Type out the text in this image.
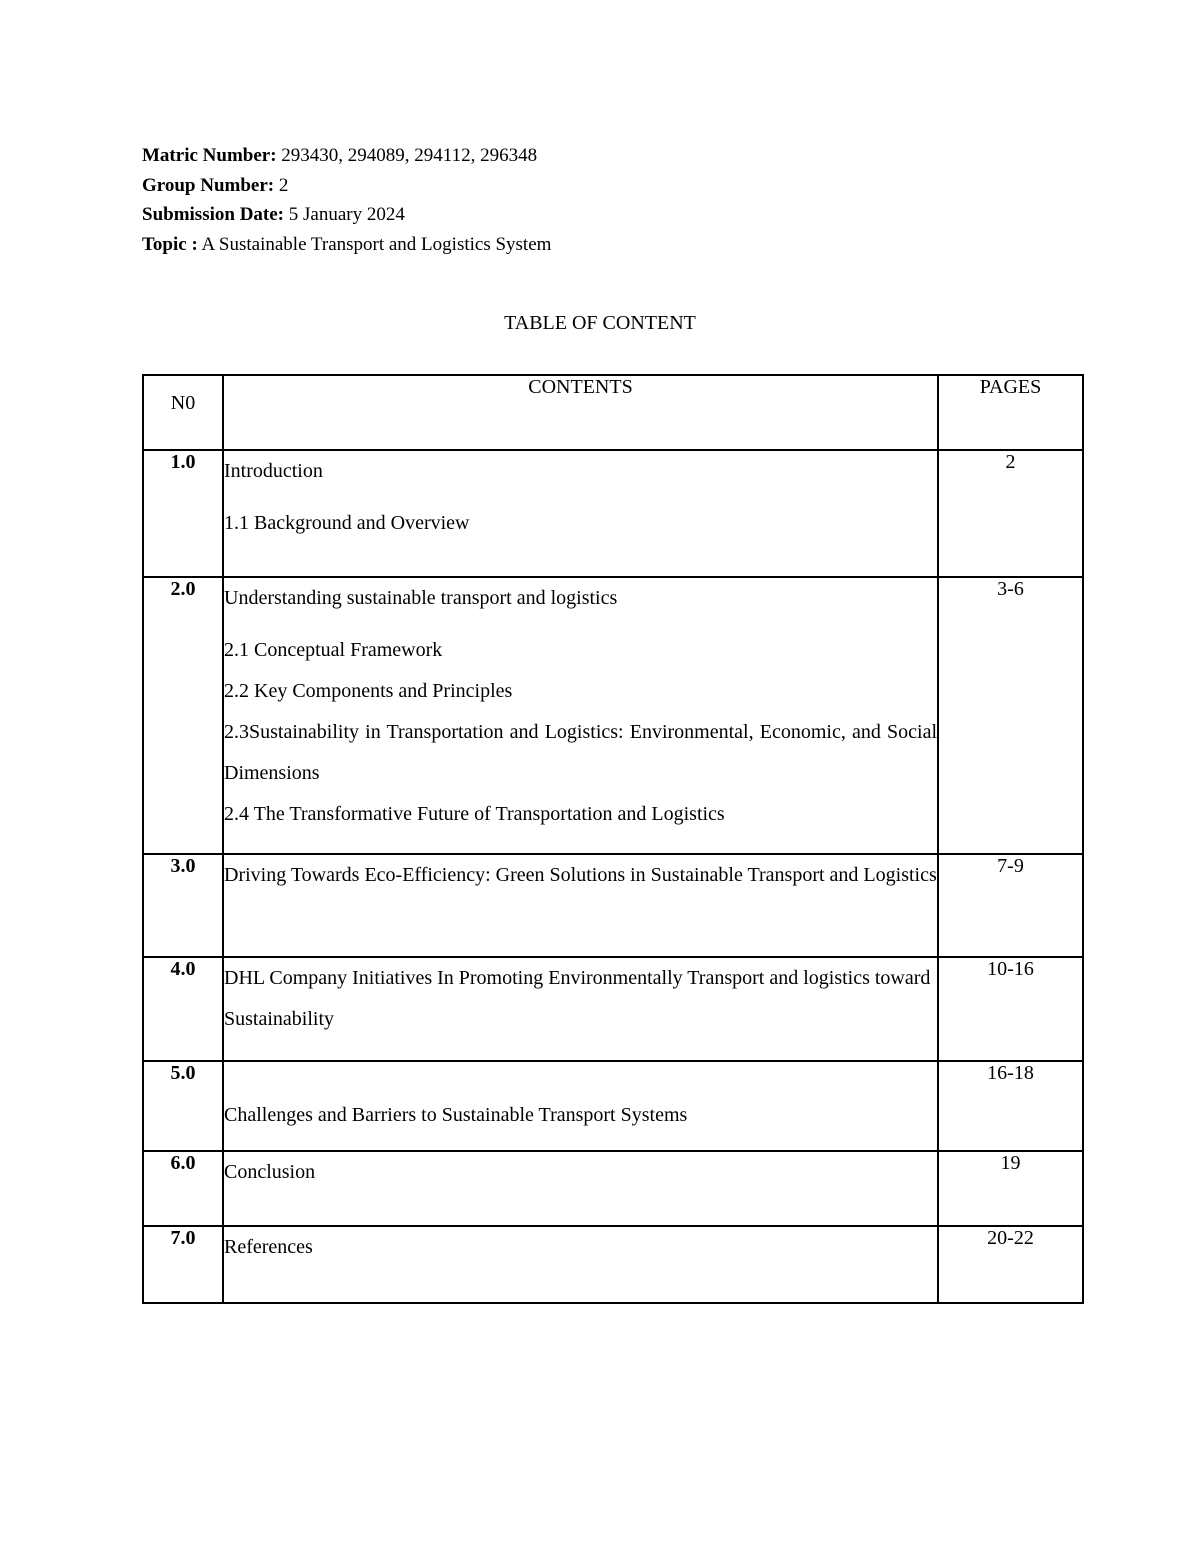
Matric Number: 293430, 294089, 294112, 296348
Group Number: 2
Submission Date: 5 January 2024
Topic : A Sustainable Transport and Logistics System
TABLE OF CONTENT
N0	CONTENTS	PAGES
1.0	Introduction
1.1 Background and Overview	2
2.0	Understanding sustainable transport and logistics
2.1 Conceptual Framework
2.2 Key Components and Principles
2.3Sustainability in Transportation and Logistics: Environmental, Economic, and Social Dimensions
2.4 The Transformative Future of Transportation and Logistics	3-6
3.0	Driving Towards Eco-Efficiency: Green Solutions in Sustainable Transport and Logistics	7-9
4.0	DHL Company Initiatives In Promoting Environmentally Transport and logistics toward Sustainability	10-16
5.0	Challenges and Barriers to Sustainable Transport Systems	16-18
6.0	Conclusion	19
7.0	References	20-22
